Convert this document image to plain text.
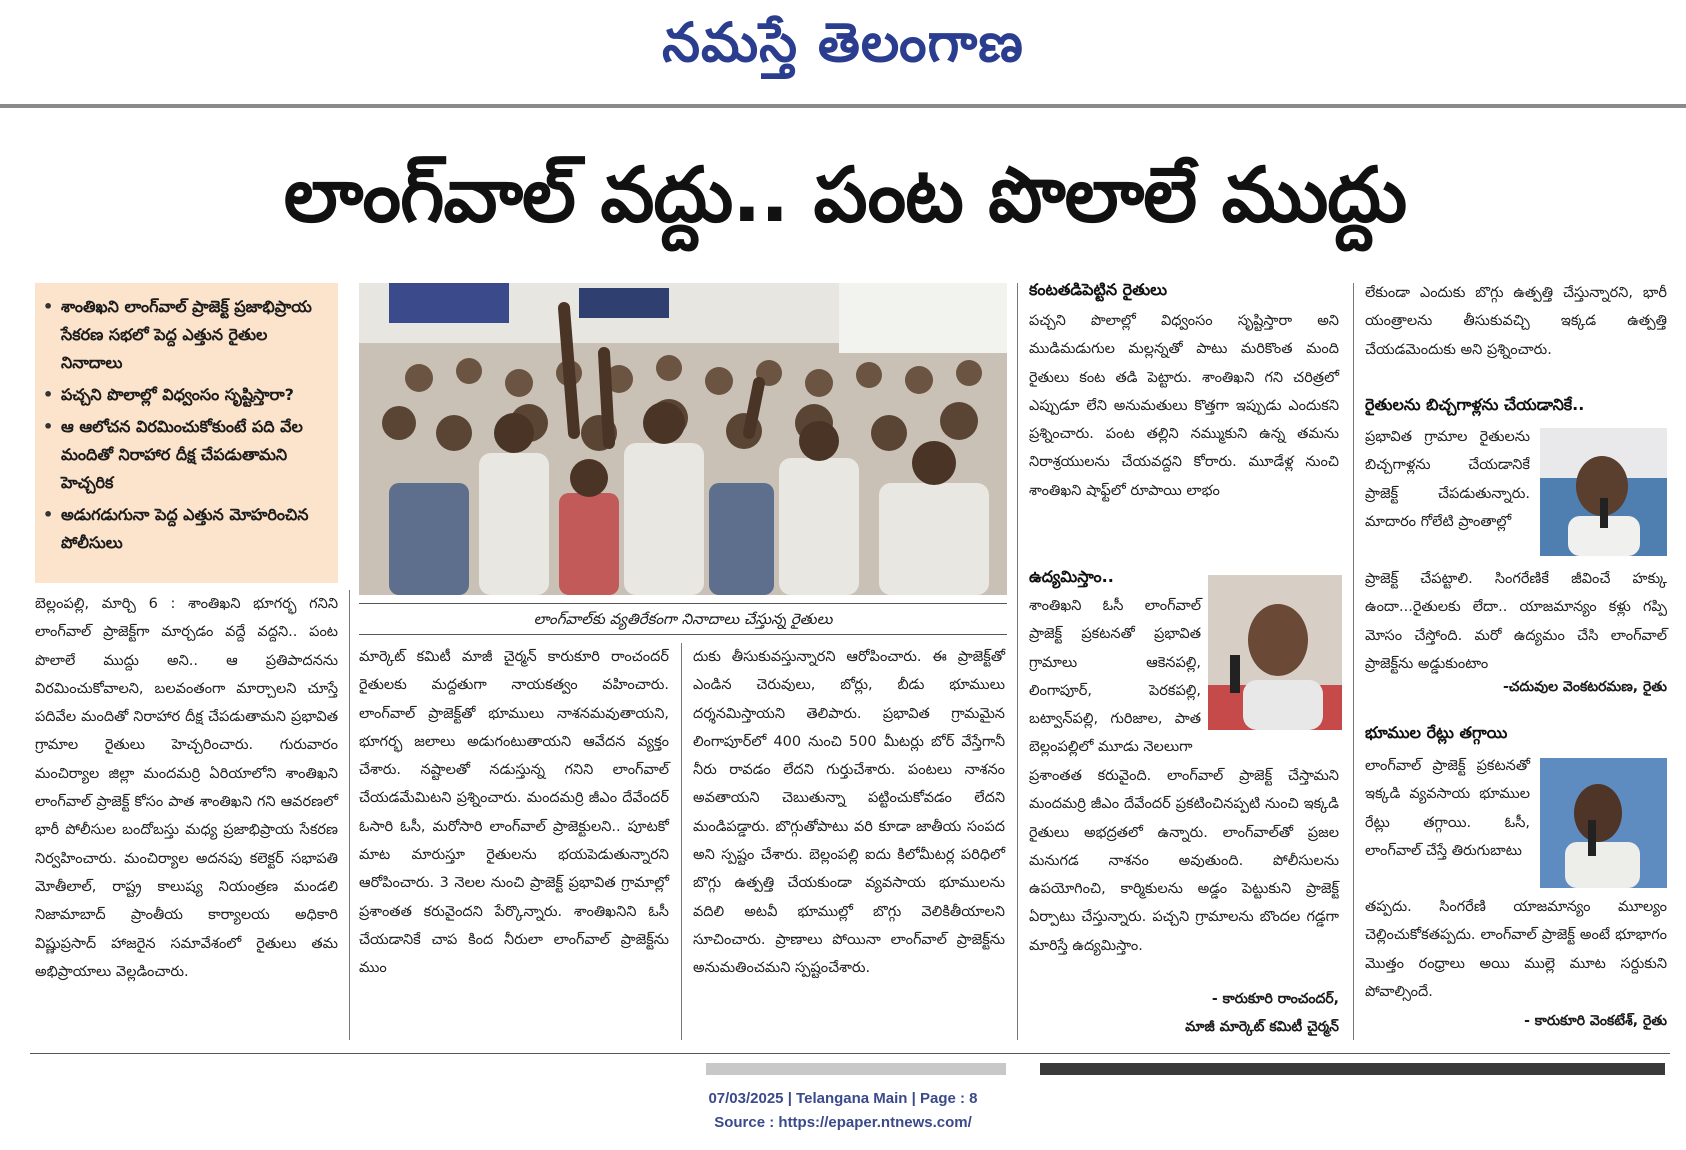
నమస్తే తెలంగాణ
లాంగ్‌వాల్ వద్దు.. పంట పొలాలే ముద్దు
• శాంతిఖని లాంగ్‌వాల్ ప్రాజెక్ట్ ప్రజాభిప్రాయ సేకరణ సభలో పెద్ద ఎత్తున రైతుల నినాదాలు
• పచ్చని పొలాల్లో విధ్వంసం సృష్టిస్తారా?
• ఆ ఆలోచన విరమించుకోకుంటే పది వేల మందితో నిరాహార దీక్ష చేపడుతామని హెచ్చరిక
• అడుగడుగునా పెద్ద ఎత్తున మోహరించిన పోలీసులు
లాంగ్‌వాల్‌కు వ్యతిరేకంగా నినాదాలు చేస్తున్న రైతులు
బెల్లంపల్లి, మార్చి 6 : శాంతిఖని భూగర్భ గనిని లాంగ్‌వాల్ ప్రాజెక్ట్‌గా మార్చడం వద్దే వద్దని.. పంట పొలాలే ముద్దు అని.. ఆ ప్రతిపాదనను విరమించుకోవాలని, బలవంతంగా మార్చాలని చూస్తే పదివేల మందితో నిరాహార దీక్ష చేపడుతామని ప్రభావిత గ్రామాల రైతులు హెచ్చరించారు. గురువారం మంచిర్యాల జిల్లా మందమర్రి ఏరియాలోని శాంతిఖని లాంగ్‌వాల్ ప్రాజెక్ట్ కోసం పాత శాంతిఖని గని ఆవరణలో భారీ పోలీసుల బందోబస్తు మధ్య ప్రజాభిప్రాయ సేకరణ నిర్వహించారు. మంచిర్యాల అదనపు కలెక్టర్ సభాపతి మోతీలాల్, రాష్ట్ర కాలుష్య నియంత్రణ మండలి నిజామాబాద్ ప్రాంతీయ కార్యాలయ అధికారి విష్ణుప్రసాద్ హాజరైన సమావేశంలో రైతులు తమ అభిప్రాయాలు వెల్లడించారు.
మార్కెట్ కమిటీ మాజీ చైర్మన్ కారుకూరి రాంచందర్ రైతులకు మద్దతుగా నాయకత్వం వహించారు. లాంగ్‌వాల్ ప్రాజెక్ట్‌తో భూములు నాశనమవుతాయని, భూగర్భ జలాలు అడుగంటుతాయని ఆవేదన వ్యక్తం చేశారు. నష్టాలతో నడుస్తున్న గనిని లాంగ్‌వాల్ చేయడమేమిటని ప్రశ్నించారు. మందమర్రి జీఎం దేవేందర్ ఓసారి ఓసీ, మరోసారి లాంగ్‌వాల్ ప్రాజెక్టులని.. పూటకో మాట మారుస్తూ రైతులను భయపెడుతున్నారని ఆరోపించారు. 3 నెలల నుంచి ప్రాజెక్ట్ ప్రభావిత గ్రామాల్లో ప్రశాంతత కరువైందని పేర్కొన్నారు. శాంతిఖనిని ఓసీ చేయడానికే చాప కింద నీరులా లాంగ్‌వాల్ ప్రాజెక్ట్‌ను ముం
దుకు తీసుకువస్తున్నారని ఆరోపించారు. ఈ ప్రాజెక్ట్‌తో ఎండిన చెరువులు, బోర్లు, బీడు భూములు దర్శనమిస్తాయని తెలిపారు. ప్రభావిత గ్రామమైన లింగాపూర్‌లో 400 నుంచి 500 మీటర్లు బోర్ వేస్తేగానీ నీరు రావడం లేదని గుర్తుచేశారు. పంటలు నాశనం అవతాయని చెబుతున్నా పట్టించుకోవడం లేదని మండిపడ్డారు. బొగ్గుతోపాటు వరి కూడా జాతీయ సంపద అని స్పష్టం చేశారు. బెల్లంపల్లి ఐదు కిలోమీటర్ల పరిధిలో బొగ్గు ఉత్పత్తి చేయకుండా వ్యవసాయ భూములను వదిలి అటవీ భూముల్లో బొగ్గు వెలికితీయాలని సూచించారు. ప్రాణాలు పోయినా లాంగ్‌వాల్ ప్రాజెక్ట్‌ను అనుమతించమని స్పష్టంచేశారు.
కంటతడిపెట్టిన రైతులు
పచ్చని పొలాల్లో విధ్వంసం సృష్టిస్తారా అని ముడిమడుగుల మల్లన్నతో పాటు మరికొంత మంది రైతులు కంట తడి పెట్టారు. శాంతిఖని గని చరిత్రలో ఎప్పుడూ లేని అనుమతులు కొత్తగా ఇప్పుడు ఎందుకని ప్రశ్నించారు. పంట తల్లిని నమ్ముకుని ఉన్న తమను నిరాశ్రయులను చేయవద్దని కోరారు. మూడేళ్ల నుంచి శాంతిఖని షాఫ్ట్‌లో రూపాయి లాభం
ఉద్యమిస్తాం..
శాంతిఖని ఓసీ లాంగ్‌వాల్ ప్రాజెక్ట్ ప్రకటనతో ప్రభావిత గ్రామాలు ఆకెనపల్లి, లింగాపూర్, పెరకపల్లి, బట్వాన్‌పల్లి, గురిజాల, పాత బెల్లంపల్లిలో మూడు నెలలుగా
ప్రశాంతత కరువైంది. లాంగ్‌వాల్ ప్రాజెక్ట్ చేస్తామని మందమర్రి జీఎం దేవేందర్ ప్రకటించినప్పటి నుంచి ఇక్కడి రైతులు అభద్రతలో ఉన్నారు. లాంగ్‌వాల్‌తో ప్రజల మనుగడ నాశనం అవుతుంది. పోలీసులను ఉపయోగించి, కార్మికులను అడ్డం పెట్టుకుని ప్రాజెక్ట్ ఏర్పాటు చేస్తున్నారు. పచ్చని గ్రామాలను బొందల గడ్డగా మారిస్తే ఉద్యమిస్తాం.
- కారుకూరి రాంచందర్,
మాజీ మార్కెట్ కమిటీ చైర్మన్
లేకుండా ఎందుకు బొగ్గు ఉత్పత్తి చేస్తున్నారని, భారీ యంత్రాలను తీసుకువచ్చి ఇక్కడ ఉత్పత్తి చేయడమెందుకు అని ప్రశ్నించారు.
రైతులను బిచ్చగాళ్లను చేయడానికే..
ప్రభావిత గ్రామాల రైతులను బిచ్చగాళ్లను చేయడానికే ప్రాజెక్ట్ చేపడుతున్నారు. మాదారం గోలేటి ప్రాంతాల్లో
ప్రాజెక్ట్ చేపట్టాలి. సింగరేణికే జీవించే హక్కు ఉందా...రైతులకు లేదా.. యాజమాన్యం కళ్లు గప్పి మోసం చేస్తోంది. మరో ఉద్యమం చేసి లాంగ్‌వాల్ ప్రాజెక్ట్‌ను అడ్డుకుంటాం
-చదువుల వెంకటరమణ, రైతు
భూముల రేట్లు తగ్గాయి
లాంగ్‌వాల్ ప్రాజెక్ట్ ప్రకటనతో ఇక్కడి వ్యవసాయ భూముల రేట్లు తగ్గాయి. ఓసీ, లాంగ్‌వాల్ చేస్తే తిరుగుబాటు
తప్పదు. సింగరేణి యాజమాన్యం మూల్యం చెల్లించుకోకతప్పదు. లాంగ్‌వాల్ ప్రాజెక్ట్ అంటే భూభాగం మొత్తం రంధ్రాలు అయి ముల్లె మూట సర్దుకుని పోవాల్సిందే.
- కారుకూరి వెంకటేశ్, రైతు
07/03/2025 | Telangana Main | Page : 8
Source : https://epaper.ntnews.com/
